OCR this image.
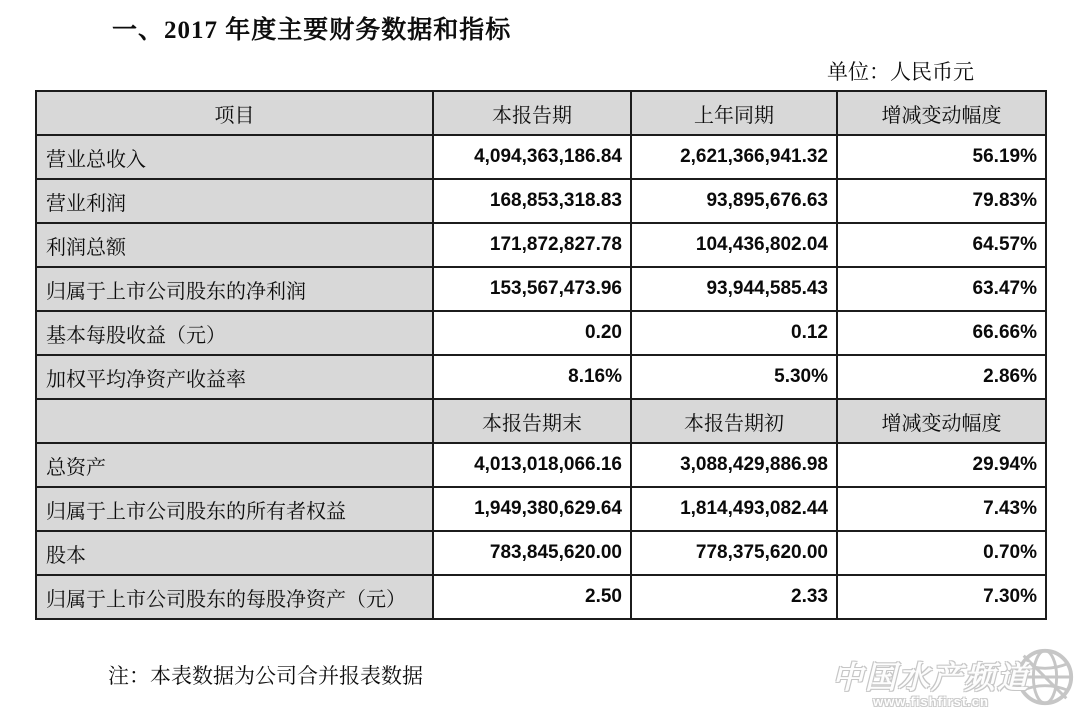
一、2017 年度主要财务数据和指标
单位：人民币元
项目	本报告期	上年同期	增减变动幅度
营业总收入	4,094,363,186.84	2,621,366,941.32	56.19%
营业利润	168,853,318.83	93,895,676.63	79.83%
利润总额	171,872,827.78	104,436,802.04	64.57%
归属于上市公司股东的净利润	153,567,473.96	93,944,585.43	63.47%
基本每股收益（元）	0.20	0.12	66.66%
加权平均净资产收益率	8.16%	5.30%	2.86%
	本报告期末	本报告期初	增减变动幅度
总资产	4,013,018,066.16	3,088,429,886.98	29.94%
归属于上市公司股东的所有者权益	1,949,380,629.64	1,814,493,082.44	7.43%
股本	783,845,620.00	778,375,620.00	0.70%
归属于上市公司股东的每股净资产（元）	2.50	2.33	7.30%
注：本表数据为公司合并报表数据	中国水产频道
www.fishfirst.cn
